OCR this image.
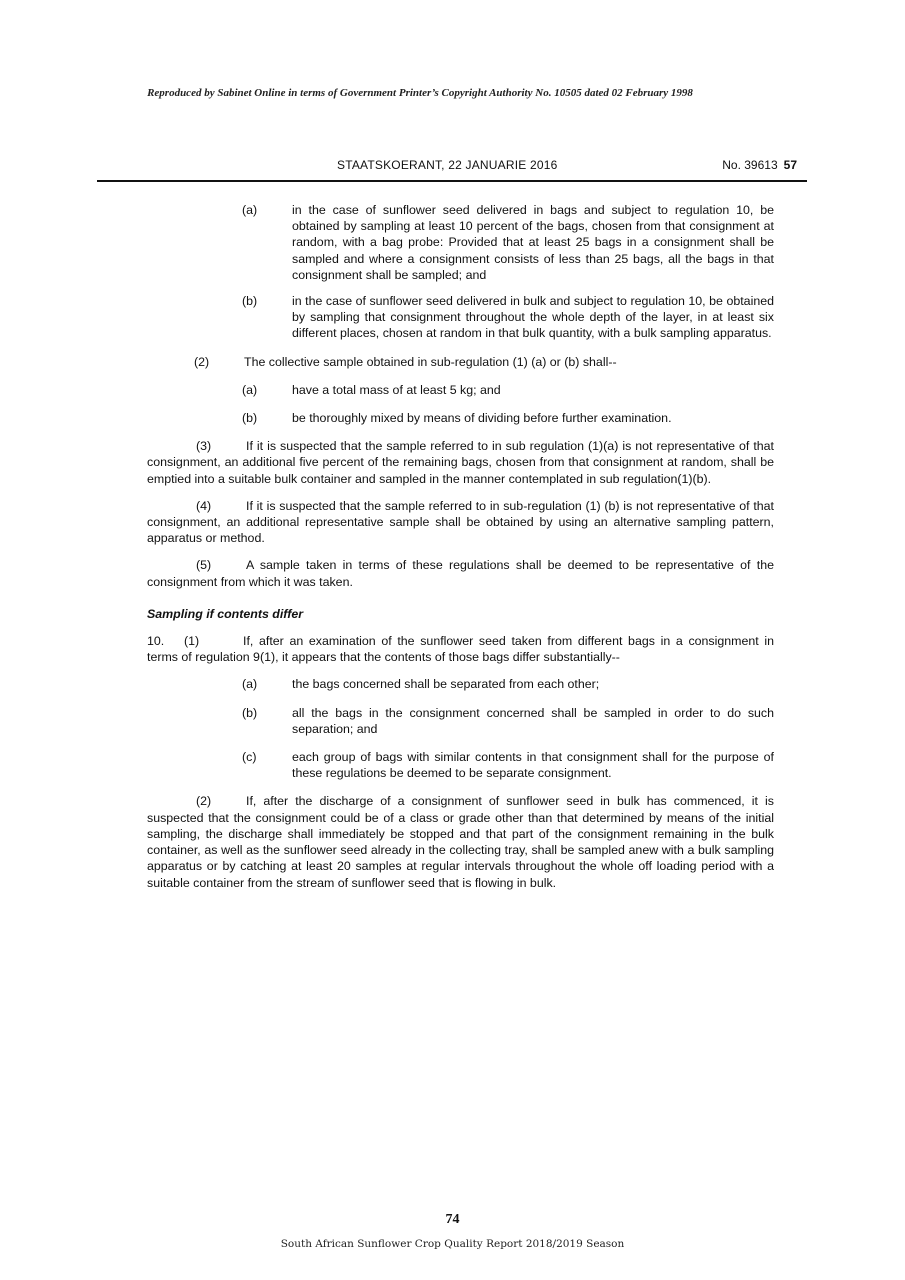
Reproduced by Sabinet Online in terms of Government Printer’s Copyright Authority No. 10505 dated 02 February 1998
STAATSKOERANT, 22 JANUARIE 2016	No. 39613 57
(a)	in the case of sunflower seed delivered in bags and subject to regulation 10, be obtained by sampling at least 10 percent of the bags, chosen from that consignment at random, with a bag probe: Provided that at least 25 bags in a consignment shall be sampled and where a consignment consists of less than 25 bags, all the bags in that consignment shall be sampled; and
(b)	in the case of sunflower seed delivered in bulk and subject to regulation 10, be obtained by sampling that consignment throughout the whole depth of the layer, in at least six different places, chosen at random in that bulk quantity, with a bulk sampling apparatus.
(2)	The collective sample obtained in sub-regulation (1) (a) or (b) shall--
(a)	have a total mass of at least 5 kg; and
(b)	be thoroughly mixed by means of dividing before further examination.

(3)	If it is suspected that the sample referred to in sub regulation (1)(a) is not representative of that consignment, an additional five percent of the remaining bags, chosen from that consignment at random, shall be emptied into a suitable bulk container and sampled in the manner contemplated in sub regulation(1)(b).

(4)	If it is suspected that the sample referred to in sub-regulation (1) (b) is not representative of that consignment, an additional representative sample shall be obtained by using an alternative sampling pattern, apparatus or method.

(5)	A sample taken in terms of these regulations shall be deemed to be representative of the consignment from which it was taken.

Sampling if contents differ

10. (1)	If, after an examination of the sunflower seed taken from different bags in a consignment in terms of regulation 9(1), it appears that the contents of those bags differ substantially--

(a)	the bags concerned shall be separated from each other;
(b)	all the bags in the consignment concerned shall be sampled in order to do such separation; and
(c)	each group of bags with similar contents in that consignment shall for the purpose of these regulations be deemed to be separate consignment.

(2)	If, after the discharge of a consignment of sunflower seed in bulk has commenced, it is suspected that the consignment could be of a class or grade other than that determined by means of the initial sampling, the discharge shall immediately be stopped and that part of the consignment remaining in the bulk container, as well as the sunflower seed already in the collecting tray, shall be sampled anew with a bulk sampling apparatus or by catching at least 20 samples at regular intervals throughout the whole off loading period with a suitable container from the stream of sunflower seed that is flowing in bulk.

74
South African Sunflower Crop Quality Report 2018/2019 Season
